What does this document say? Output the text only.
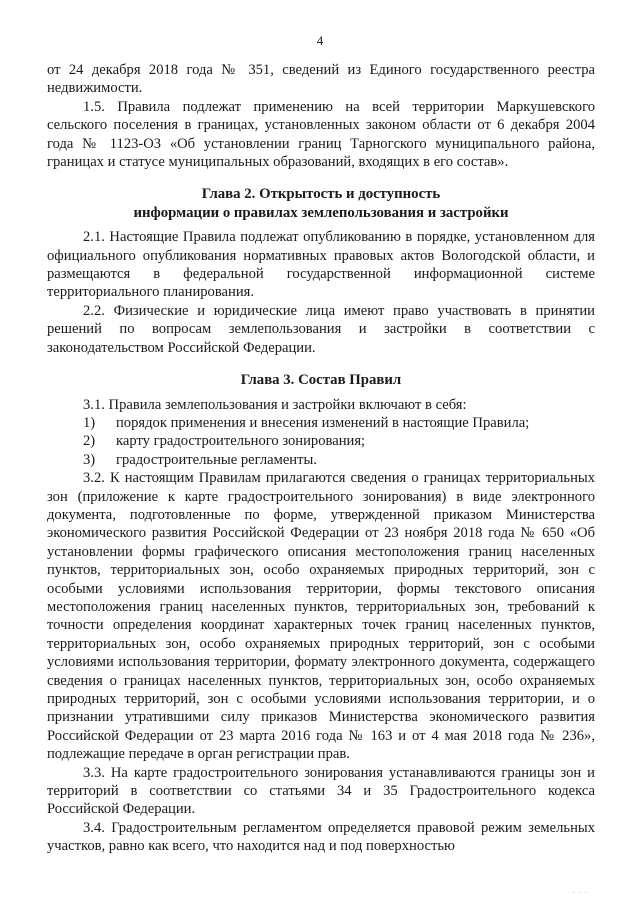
4

от 24 декабря 2018 года № 351, сведений из Единого государственного реестра недвижимости.

1.5. Правила подлежат применению на всей территории Маркушевского сельского поселения в границах, установленных законом области от 6 декабря 2004 года № 1123-ОЗ «Об установлении границ Тарногского муниципального района, границах и статусе муниципальных образований, входящих в его состав».

Глава 2. Открытость и доступность

информации о правилах землепользования и застройки

2.1. Настоящие Правила подлежат опубликованию в порядке, установленном для официального опубликования нормативных правовых актов Вологодской области, и размещаются в федеральной государственной информационной системе территориального планирования.

2.2. Физические и юридические лица имеют право участвовать в принятии решений по вопросам землепользования и застройки в соответствии с законодательством Российской Федерации.

Глава 3. Состав Правил

3.1. Правила землепользования и застройки включают в себя:

1)	порядок применения и внесения изменений в настоящие Правила;
2)	карту градостроительного зонирования;
3)	градостроительные регламенты.

3.2. К настоящим Правилам прилагаются сведения о границах территориальных зон (приложение к карте градостроительного зонирования) в виде электронного документа, подготовленные по форме, утвержденной приказом Министерства экономического развития Российской Федерации от 23 ноября 2018 года № 650 «Об установлении формы графического описания местоположения границ населенных пунктов, территориальных зон, особо охраняемых природных территорий, зон с особыми условиями использования территории, формы текстового описания местоположения границ населенных пунктов, территориальных зон, требований к точности определения координат характерных точек границ населенных пунктов, территориальных зон, особо охраняемых природных территорий, зон с особыми условиями использования территории, формату электронного документа, содержащего сведения о границах населенных пунктов, территориальных зон, особо охраняемых природных территорий, зон с особыми условиями использования территории, и о признании утратившими силу приказов Министерства экономического развития Российской Федерации от 23 марта 2016 года № 163 и от 4 мая 2018 года № 236», подлежащие передаче в орган регистрации прав.

3.3. На карте градостроительного зонирования устанавливаются границы зон и территорий в соответствии со статьями 34 и 35 Градостроительного кодекса Российской Федерации.

3.4. Градостроительным регламентом определяется правовой режим земельных участков, равно как всего, что находится над и под поверхностью

· · ·
